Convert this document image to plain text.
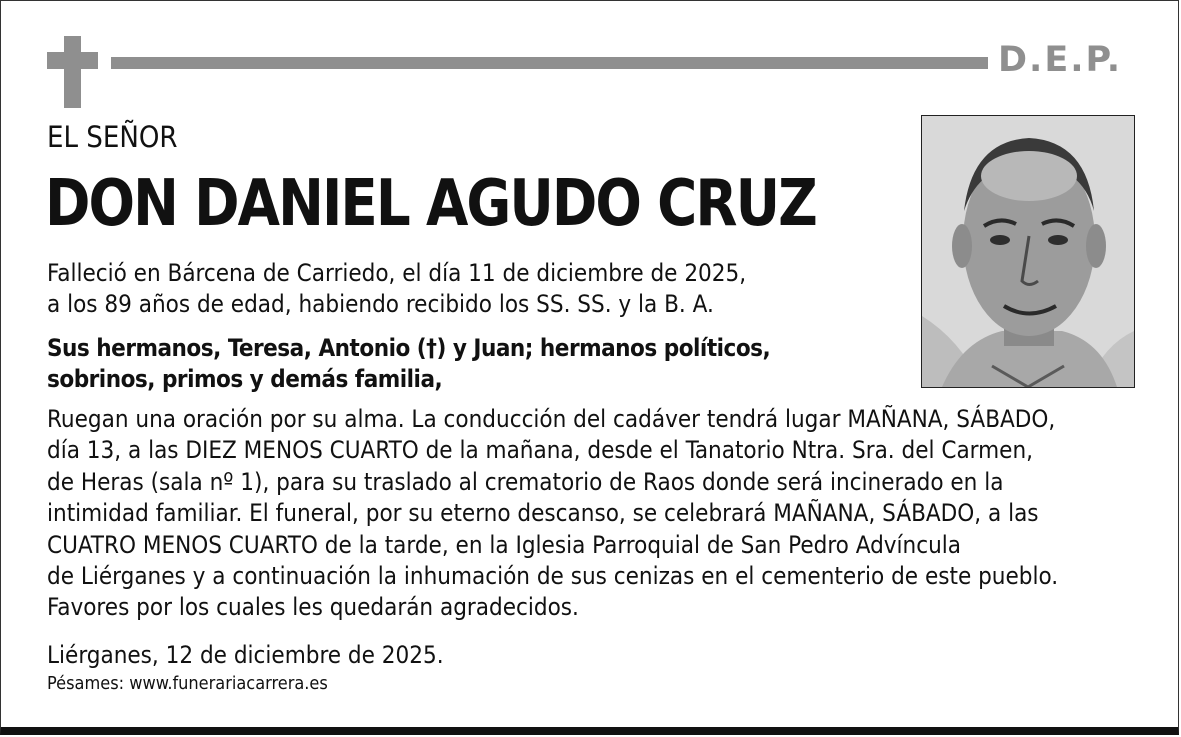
D.E.P.
EL SEÑOR
DON DANIEL AGUDO CRUZ
Falleció en Bárcena de Carriedo, el día 11 de diciembre de 2025,
a los 89 años de edad, habiendo recibido los SS. SS. y la B. A.
Sus hermanos, Teresa, Antonio (†) y Juan; hermanos políticos,
sobrinos, primos y demás familia,
Ruegan una oración por su alma. La conducción del cadáver tendrá lugar MAÑANA, SÁBADO,
día 13, a las DIEZ MENOS CUARTO de la mañana, desde el Tanatorio Ntra. Sra. del Carmen,
de Heras (sala nº 1), para su traslado al crematorio de Raos donde será incinerado en la
intimidad familiar. El funeral, por su eterno descanso, se celebrará MAÑANA, SÁBADO, a las
CUATRO MENOS CUARTO de la tarde, en la Iglesia Parroquial de San Pedro Advíncula
de Liérganes y a continuación la inhumación de sus cenizas en el cementerio de este pueblo.
Favores por los cuales les quedarán agradecidos.
Liérganes, 12 de diciembre de 2025.
Pésames: www.funerariacarrera.es
